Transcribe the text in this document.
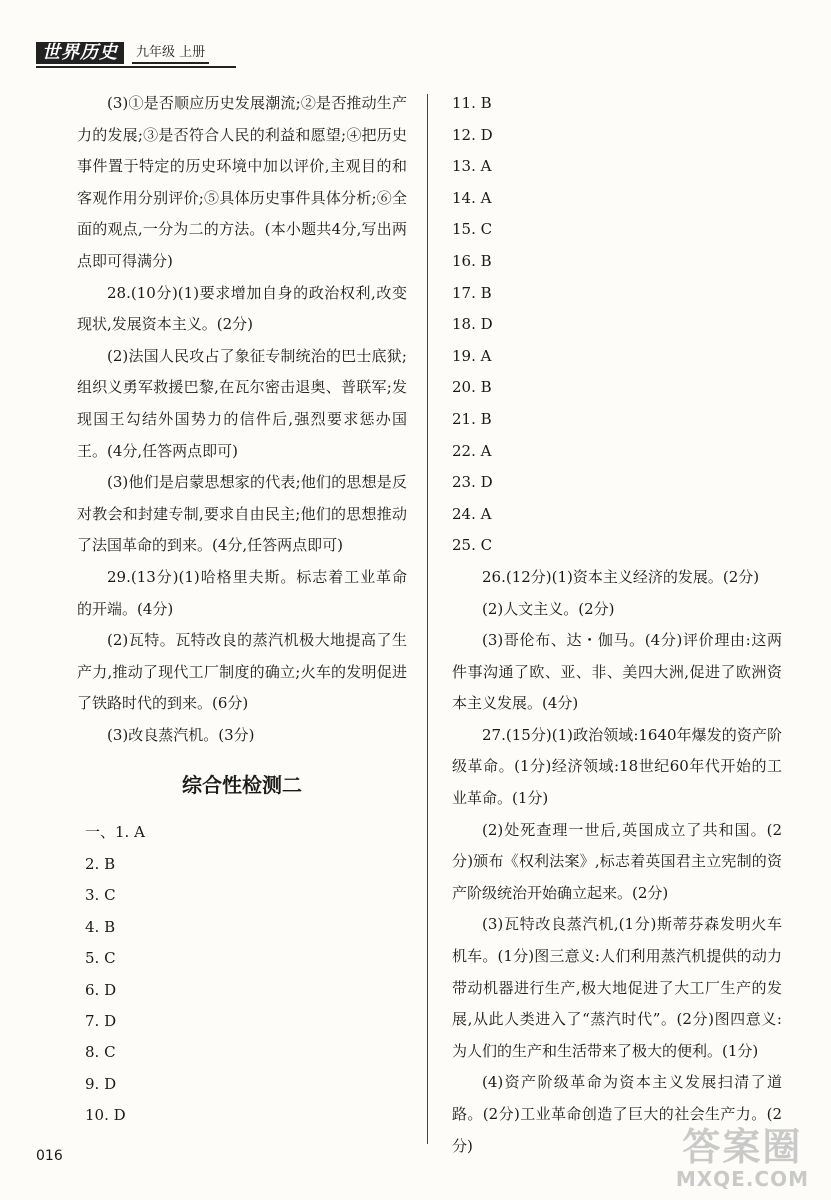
世界历史	九年级 上册

(3)①是否顺应历史发展潮流;②是否推动生产力的发展;③是否符合人民的利益和愿望;④把历史事件置于特定的历史环境中加以评价,主观目的和客观作用分别评价;⑤具体历史事件具体分析;⑥全面的观点,一分为二的方法。(本小题共4分,写出两点即可得满分)

28.(10分)(1)要求增加自身的政治权利,改变现状,发展资本主义。(2分)

(2)法国人民攻占了象征专制统治的巴士底狱;组织义勇军救援巴黎,在瓦尔密击退奥、普联军;发现国王勾结外国势力的信件后,强烈要求惩办国王。(4分,任答两点即可)

(3)他们是启蒙思想家的代表;他们的思想是反对教会和封建专制,要求自由民主;他们的思想推动了法国革命的到来。(4分,任答两点即可)

29.(13分)(1)哈格里夫斯。标志着工业革命的开端。(4分)

(2)瓦特。瓦特改良的蒸汽机极大地提高了生产力,推动了现代工厂制度的确立;火车的发明促进了铁路时代的到来。(6分)

(3)改良蒸汽机。(3分)

综合性检测二

一、1. A

2. B

3. C

4. B

5. C

6. D

7. D

8. C

9. D

10. D

11. B

12. D

13. A

14. A

15. C

16. B

17. B

18. D

19. A

20. B

21. B

22. A

23. D

24. A

25. C

26.(12分)(1)资本主义经济的发展。(2分)

(2)人文主义。(2分)

(3)哥伦布、达・伽马。(4分)评价理由:这两件事沟通了欧、亚、非、美四大洲,促进了欧洲资本主义发展。(4分)

27.(15分)(1)政治领域:1640年爆发的资产阶级革命。(1分)经济领域:18世纪60年代开始的工业革命。(1分)

(2)处死查理一世后,英国成立了共和国。(2分)颁布《权利法案》,标志着英国君主立宪制的资产阶级统治开始确立起来。(2分)

(3)瓦特改良蒸汽机,(1分)斯蒂芬森发明火车机车。(1分)图三意义:人们利用蒸汽机提供的动力带动机器进行生产,极大地促进了大工厂生产的发展,从此人类进入了“蒸汽时代”。(2分)图四意义:为人们的生产和生活带来了极大的便利。(1分)

(4)资产阶级革命为资本主义发展扫清了道路。(2分)工业革命创造了巨大的社会生产力。(2分)

016	答案圈
MXQE.COM
